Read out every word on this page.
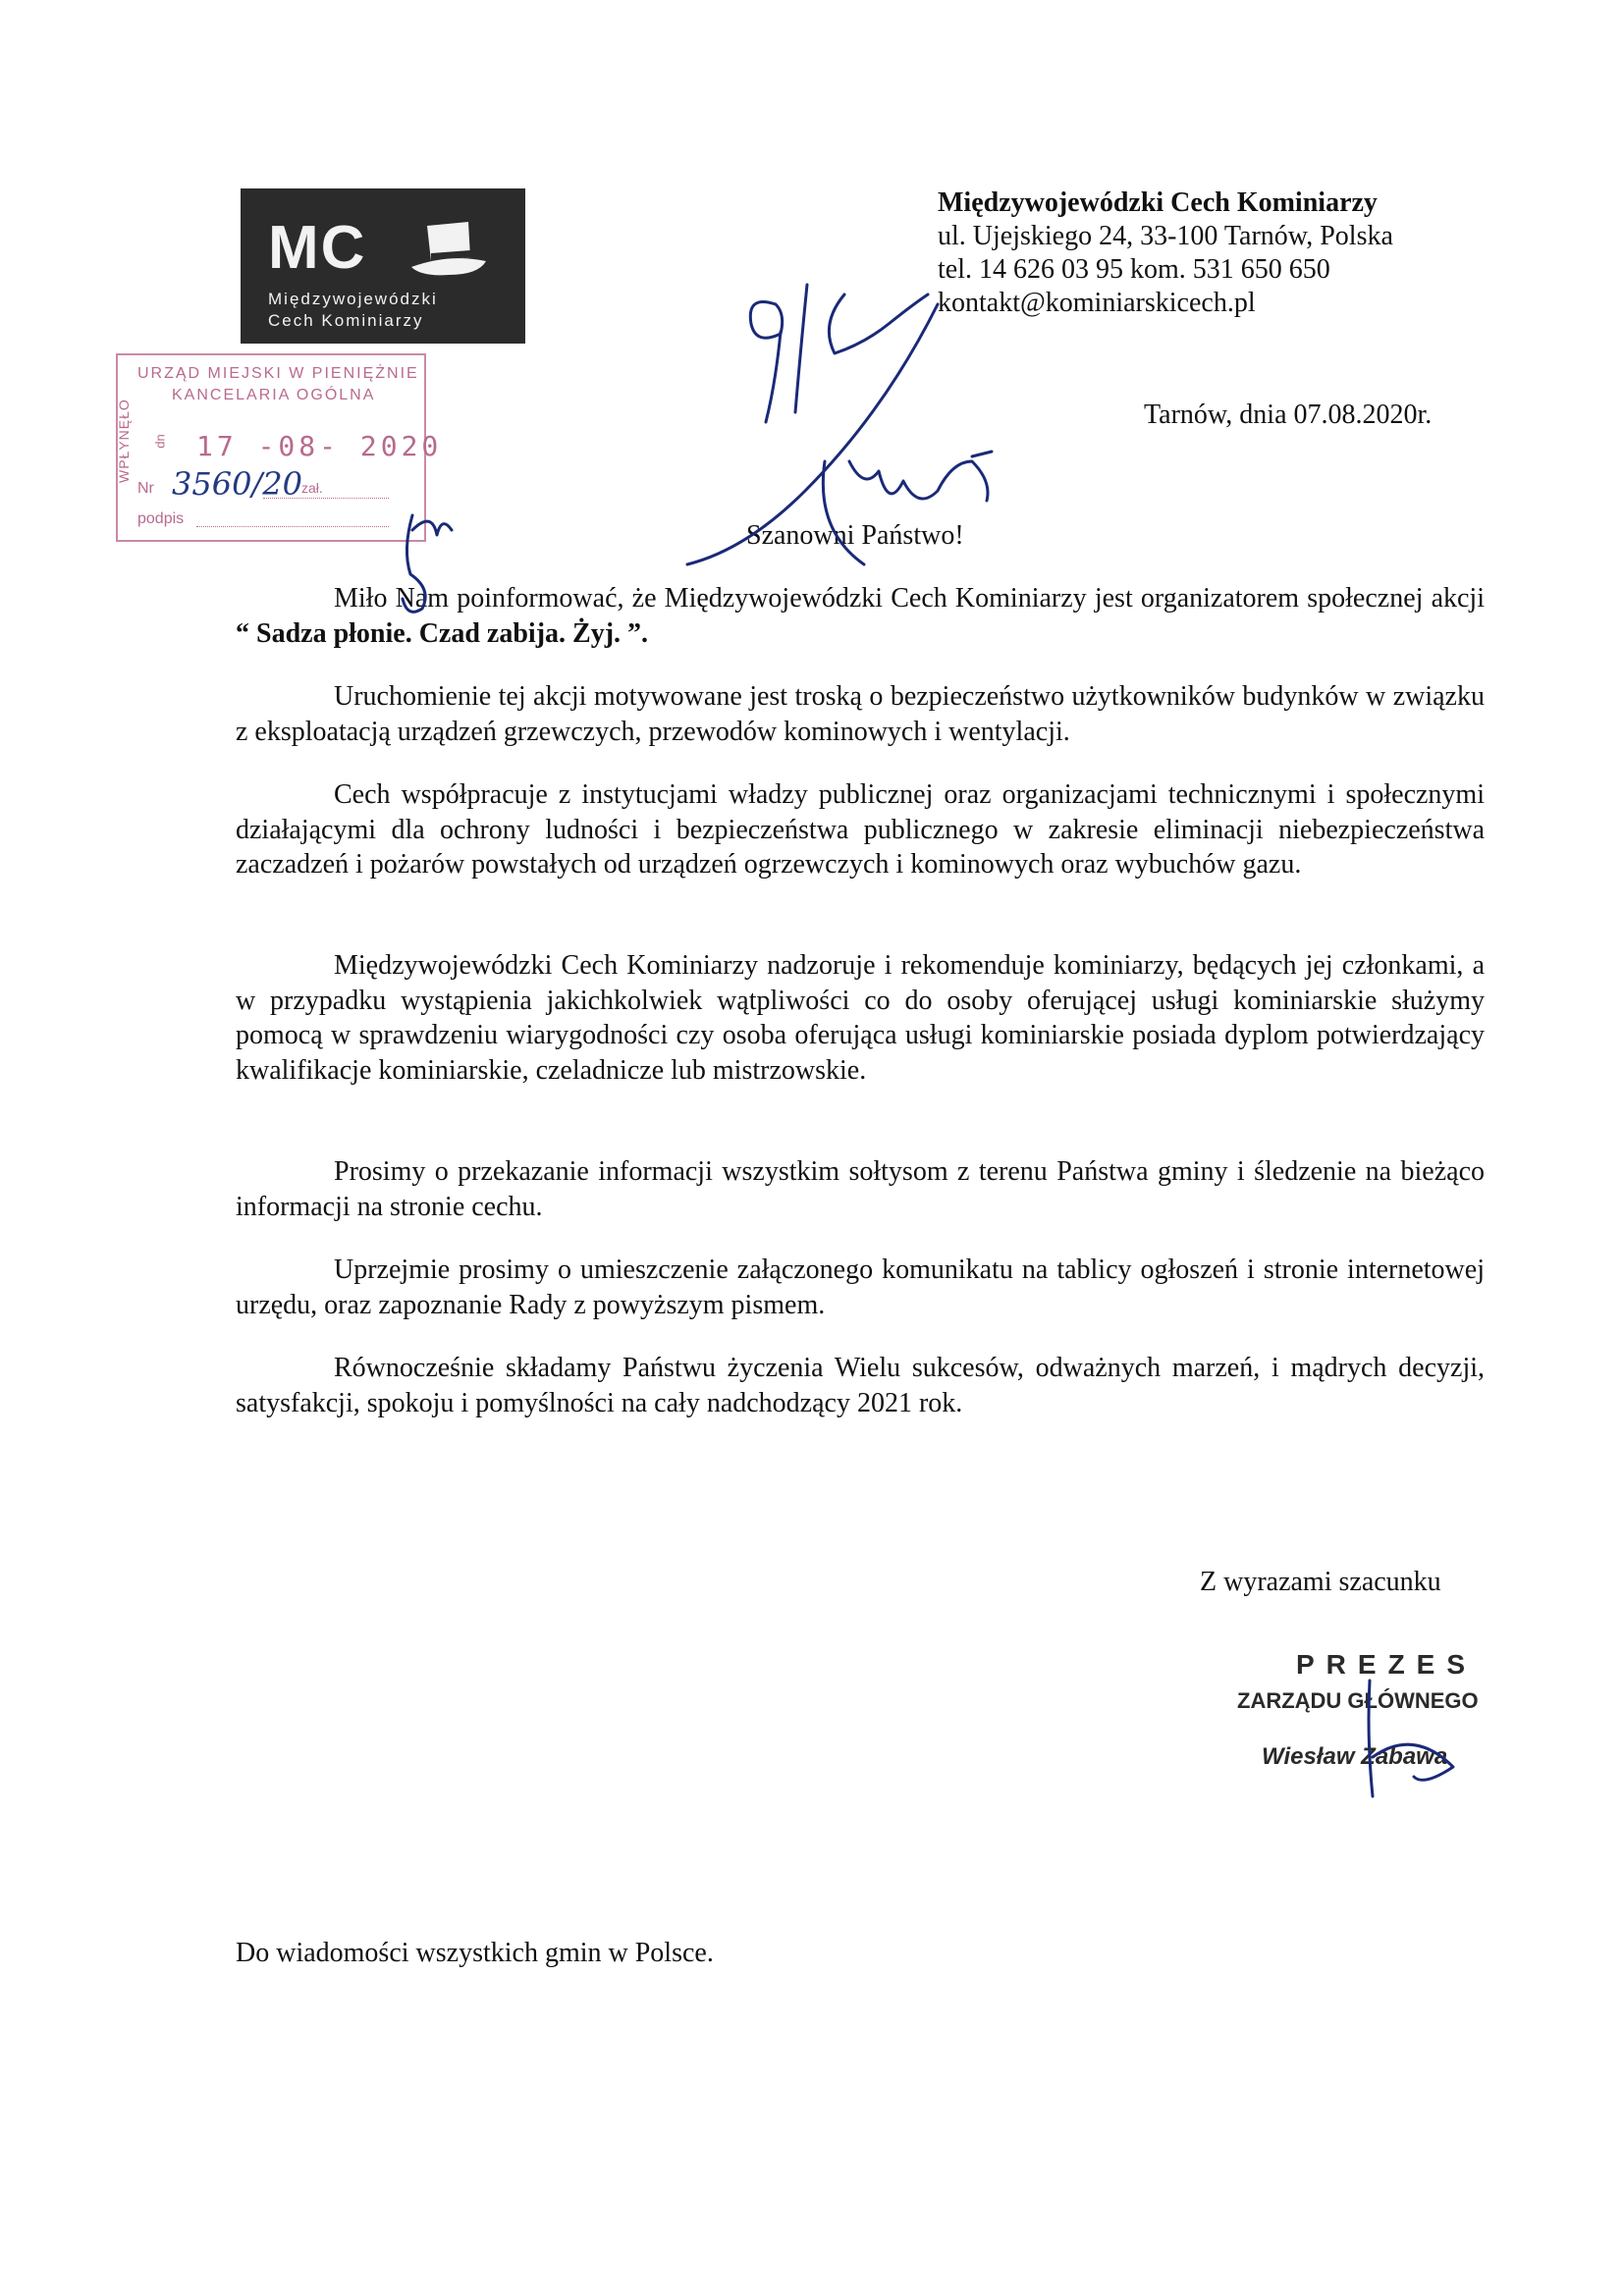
MC
Międzywojewódzki
Cech Kominiarzy
Międzywojewódzki Cech Kominiarzy
ul. Ujejskiego 24, 33-100 Tarnów, Polska
tel. 14 626 03 95 kom. 531 650 650
kontakt@kominiarskicech.pl
Tarnów, dnia 07.08.2020r.
URZĄD MIEJSKI W PIENIĘŻNIE
KANCELARIA OGÓLNA
WPŁYNĘŁO dn 17 -08- 2020
Nr 3560/20 zał.
podpis
Szanowni Państwo!
Miło Nam poinformować, że Międzywojewódzki Cech Kominiarzy jest organizatorem społecznej akcji “ Sadza płonie. Czad zabija. Żyj. ”.
Uruchomienie tej akcji motywowane jest troską o bezpieczeństwo użytkowników budynków w związku z eksploatacją urządzeń grzewczych, przewodów kominowych i wentylacji.
Cech współpracuje z instytucjami władzy publicznej oraz organizacjami technicznymi i społecznymi działającymi dla ochrony ludności i bezpieczeństwa publicznego w zakresie eliminacji niebezpieczeństwa zaczadzeń i pożarów powstałych od urządzeń ogrzewczych i kominowych oraz wybuchów gazu.
Międzywojewódzki Cech Kominiarzy nadzoruje i rekomenduje kominiarzy, będących jej członkami, a w przypadku wystąpienia jakichkolwiek wątpliwości co do osoby oferującej usługi kominiarskie służymy pomocą w sprawdzeniu wiarygodności czy osoba oferująca usługi kominiarskie posiada dyplom potwierdzający kwalifikacje kominiarskie, czeladnicze lub mistrzowskie.
Prosimy o przekazanie informacji wszystkim sołtysom z terenu Państwa gminy i śledzenie na bieżąco informacji na stronie cechu.
Uprzejmie prosimy o umieszczenie załączonego komunikatu na tablicy ogłoszeń i stronie internetowej urzędu, oraz zapoznanie Rady z powyższym pismem.
Równocześnie składamy Państwu życzenia Wielu sukcesów, odważnych marzeń, i mądrych decyzji, satysfakcji, spokoju i pomyślności na cały nadchodzący 2021 rok.
Z wyrazami szacunku
PREZES
ZARZĄDU GŁÓWNEGO
Wiesław Zabawa
Do wiadomości wszystkich gmin w Polsce.
